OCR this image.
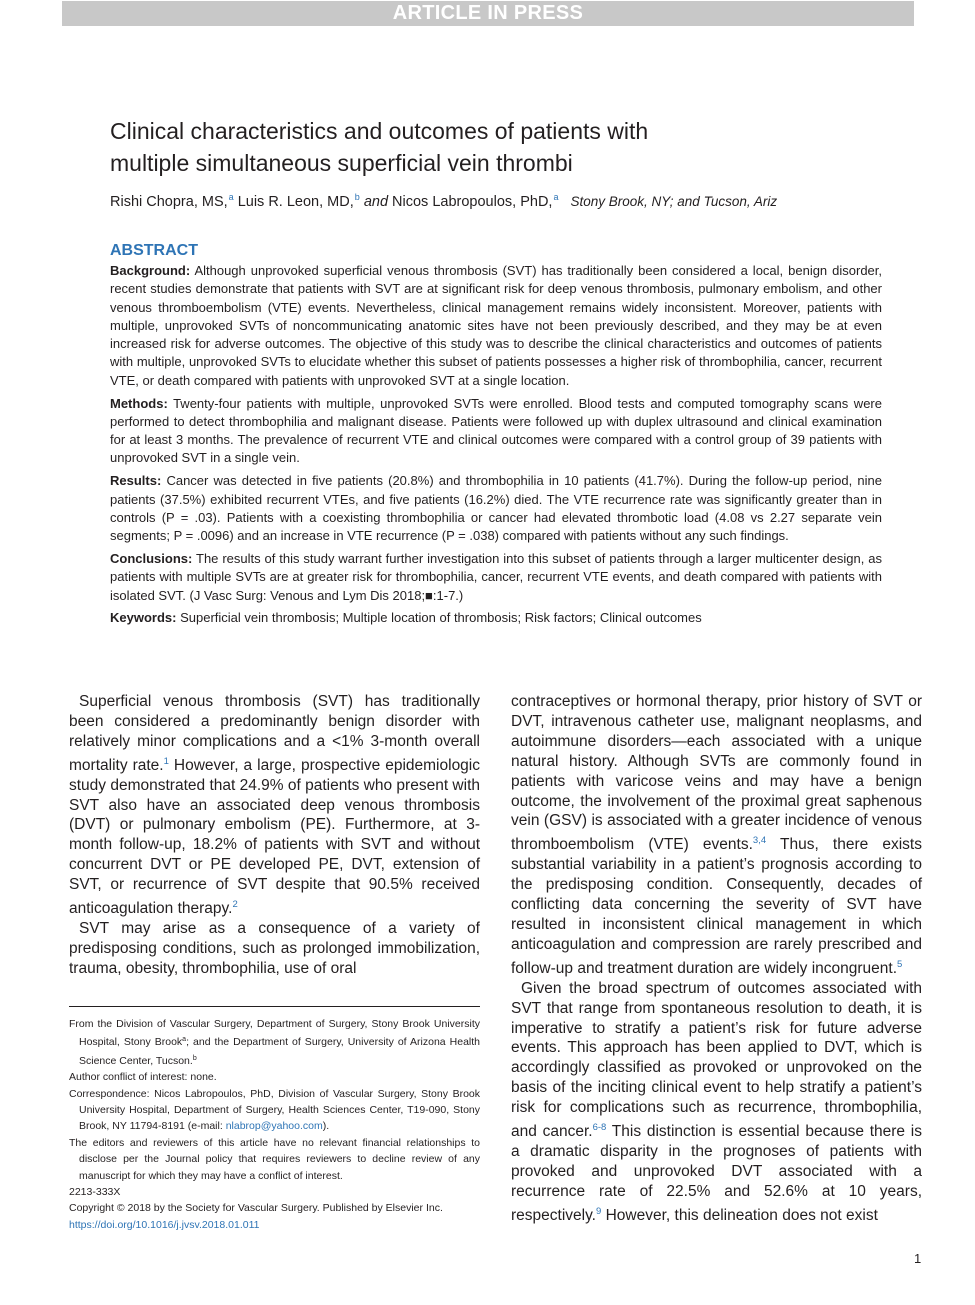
ARTICLE IN PRESS
Clinical characteristics and outcomes of patients with
multiple simultaneous superficial vein thrombi
Rishi Chopra, MS,$^a$ Luis R. Leon, MD,$^b$ and Nicos Labropoulos, PhD,$^a$ Stony Brook, NY; and Tucson, Ariz
ABSTRACT

Background: Although unprovoked superficial venous thrombosis (SVT) has traditionally been considered a local, benign disorder, recent studies demonstrate that patients with SVT are at significant risk for deep venous thrombosis, pulmonary embolism, and other venous thromboembolism (VTE) events. Nevertheless, clinical management remains widely inconsistent. Moreover, patients with multiple, unprovoked SVTs of noncommunicating anatomic sites have not been previously described, and they may be at even increased risk for adverse outcomes. The objective of this study was to describe the clinical characteristics and outcomes of patients with multiple, unprovoked SVTs to elucidate whether this subset of patients possesses a higher risk of thrombophilia, cancer, recurrent VTE, or death compared with patients with unprovoked SVT at a single location.

Methods: Twenty-four patients with multiple, unprovoked SVTs were enrolled. Blood tests and computed tomography scans were performed to detect thrombophilia and malignant disease. Patients were followed up with duplex ultrasound and clinical examination for at least 3 months. The prevalence of recurrent VTE and clinical outcomes were compared with a control group of 39 patients with unprovoked SVT in a single vein.

Results: Cancer was detected in five patients (20.8%) and thrombophilia in 10 patients (41.7%). During the follow-up period, nine patients (37.5%) exhibited recurrent VTEs, and five patients (16.2%) died. The VTE recurrence rate was significantly greater than in controls (P = .03). Patients with a coexisting thrombophilia or cancer had elevated thrombotic load (4.08 vs 2.27 separate vein segments; P = .0096) and an increase in VTE recurrence (P = .038) compared with patients without any such findings.

Conclusions: The results of this study warrant further investigation into this subset of patients through a larger multicenter design, as patients with multiple SVTs are at greater risk for thrombophilia, cancer, recurrent VTE events, and death compared with patients with isolated SVT. (J Vasc Surg: Venous and Lym Dis 2018;■:1-7.)

Keywords: Superficial vein thrombosis; Multiple location of thrombosis; Risk factors; Clinical outcomes

Superficial venous thrombosis (SVT) has traditionally been considered a predominantly benign disorder with relatively minor complications and a <1% 3-month overall mortality rate.$^1$ However, a large, prospective epidemiologic study demonstrated that 24.9% of patients who present with SVT also have an associated deep venous thrombosis (DVT) or pulmonary embolism (PE). Furthermore, at 3-month follow-up, 18.2% of patients with SVT and without concurrent DVT or PE developed PE, DVT, extension of SVT, or recurrence of SVT despite that 90.5% received anticoagulation therapy.$^2$

SVT may arise as a consequence of a variety of predisposing conditions, such as prolonged immobilization, trauma, obesity, thrombophilia, use of oral

contraceptives or hormonal therapy, prior history of SVT or DVT, intravenous catheter use, malignant neoplasms, and autoimmune disorders—each associated with a unique natural history. Although SVTs are commonly found in patients with varicose veins and may have a benign outcome, the involvement of the proximal great saphenous vein (GSV) is associated with a greater incidence of venous thromboembolism (VTE) events.$^{3,4}$ Thus, there exists substantial variability in a patient’s prognosis according to the predisposing condition. Consequently, decades of conflicting data concerning the severity of SVT have resulted in inconsistent clinical management in which anticoagulation and compression are rarely prescribed and follow-up and treatment duration are widely incongruent.$^5$

Given the broad spectrum of outcomes associated with SVT that range from spontaneous resolution to death, it is imperative to stratify a patient’s risk for future adverse events. This approach has been applied to DVT, which is accordingly classified as provoked or unprovoked on the basis of the inciting clinical event to help stratify a patient’s risk for complications such as recurrence, thrombophilia, and cancer.$^{6-8}$ This distinction is essential because there is a dramatic disparity in the prognoses of patients with provoked and unprovoked DVT associated with a recurrence rate of 22.5% and 52.6% at 10 years, respectively.$^9$ However, this delineation does not exist

From the Division of Vascular Surgery, Department of Surgery, Stony Brook University Hospital, Stony Brook$^a$; and the Department of Surgery, University of Arizona Health Science Center, Tucson.$^b$

Author conflict of interest: none.

Correspondence: Nicos Labropoulos, PhD, Division of Vascular Surgery, Stony Brook University Hospital, Department of Surgery, Health Sciences Center, T19-090, Stony Brook, NY 11794-8191 (e-mail: nlabrop@yahoo.com).

The editors and reviewers of this article have no relevant financial relationships to disclose per the Journal policy that requires reviewers to decline review of any manuscript for which they may have a conflict of interest.

2213-333X

Copyright © 2018 by the Society for Vascular Surgery. Published by Elsevier Inc.

https://doi.org/10.1016/j.jvsv.2018.01.011

1
